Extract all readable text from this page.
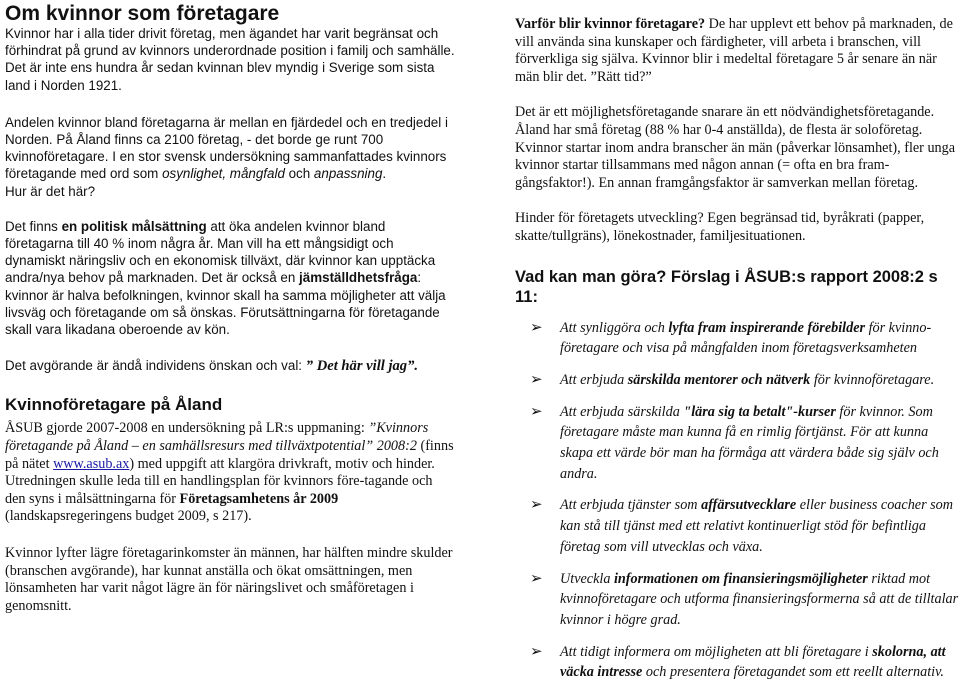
Om kvinnor som företagare

Kvinnor har i alla tider drivit företag, men ägandet har varit begränsat och förhindrat på grund av kvinnors underordnade position i familj och samhälle. Det är inte ens hundra år sedan kvinnan blev myndig i Sverige som sista land i Norden 1921.

Andelen kvinnor bland företagarna är mellan en fjärdedel och en tredjedel i Norden. På Åland finns ca 2100 företag, - det borde ge runt 700 kvinnoföretagare. I en stor svensk undersökning sammanfattades kvinnors företagande med ord som osynlighet, mångfald och anpassning.
Hur är det här?

Det finns en politisk målsättning att öka andelen kvinnor bland företagarna till 40 % inom några år. Man vill ha ett mångsidigt och dynamiskt näringsliv och en ekonomisk tillväxt, där kvinnor kan upptäcka andra/nya behov på marknaden. Det är också en jämställdhetsfråga: kvinnor är halva befolkningen, kvinnor skall ha samma möjligheter att välja livsväg och företagande om så önskas. Förutsättningarna för företagande skall vara likadana oberoende av kön.

Det avgörande är ändå individens önskan och val: ” Det här vill jag”.

Kvinnoföretagare på Åland

ÅSUB gjorde 2007-2008 en undersökning på LR:s uppmaning: ”Kvinnors företagande på Åland – en samhällsresurs med tillväxtpotential” 2008:2 (finns på nätet www.asub.ax) med uppgift att klargöra drivkraft, motiv och hinder. Utredningen skulle leda till en handlingsplan för kvinnors före-tagande och den syns i målsättningarna för Företagsamhetens år 2009 (landskapsregeringens budget 2009, s 217).

Kvinnor lyfter lägre företagarinkomster än männen, har hälften mindre skulder (branschen avgörande), har kunnat anställa och ökat omsättningen, men lönsamheten har varit något lägre än för näringslivet och småföretagen i genomsnitt.

Varför blir kvinnor företagare? De har upplevt ett behov på marknaden, de vill använda sina kunskaper och färdigheter, vill arbeta i branschen, vill förverkliga sig själva. Kvinnor blir i medeltal företagare 5 år senare än när män blir det. ”Rätt tid?”

Det är ett möjlighetsföretagande snarare än ett nödvändighetsföretagande. Åland har små företag (88 % har 0-4 anställda), de flesta är soloföretag. Kvinnor startar inom andra branscher än män (påverkar lönsamhet), fler unga kvinnor startar tillsammans med någon annan (= ofta en bra fram-gångsfaktor!). En annan framgångsfaktor är samverkan mellan företag.

Hinder för företagets utveckling? Egen begränsad tid, byråkrati (papper, skatte/tullgräns), lönekostnader, familjesituationen.

Vad kan man göra? Förslag i ÅSUB:s rapport 2008:2 s 11:
➢ Att synliggöra och lyfta fram inspirerande förebilder för kvinno-företagare och visa på mångfalden inom företagsverksamheten
➢ Att erbjuda särskilda mentorer och nätverk för kvinnoföretagare.
➢ Att erbjuda särskilda "lära sig ta betalt"-kurser för kvinnor. Som företagare måste man kunna få en rimlig förtjänst. För att kunna skapa ett värde bör man ha förmåga att värdera både sig själv och andra.
➢ Att erbjuda tjänster som affärsutvecklare eller business coacher som kan stå till tjänst med ett relativt kontinuerligt stöd för befintliga företag som vill utvecklas och växa.
➢ Utveckla informationen om finansieringsmöjligheter riktad mot kvinnoföretagare och utforma finansieringsformerna så att de tilltalar kvinnor i högre grad.
➢ Att tidigt informera om möjligheten att bli företagare i skolorna, att väcka intresse och presentera företagandet som ett reellt alternativ.
